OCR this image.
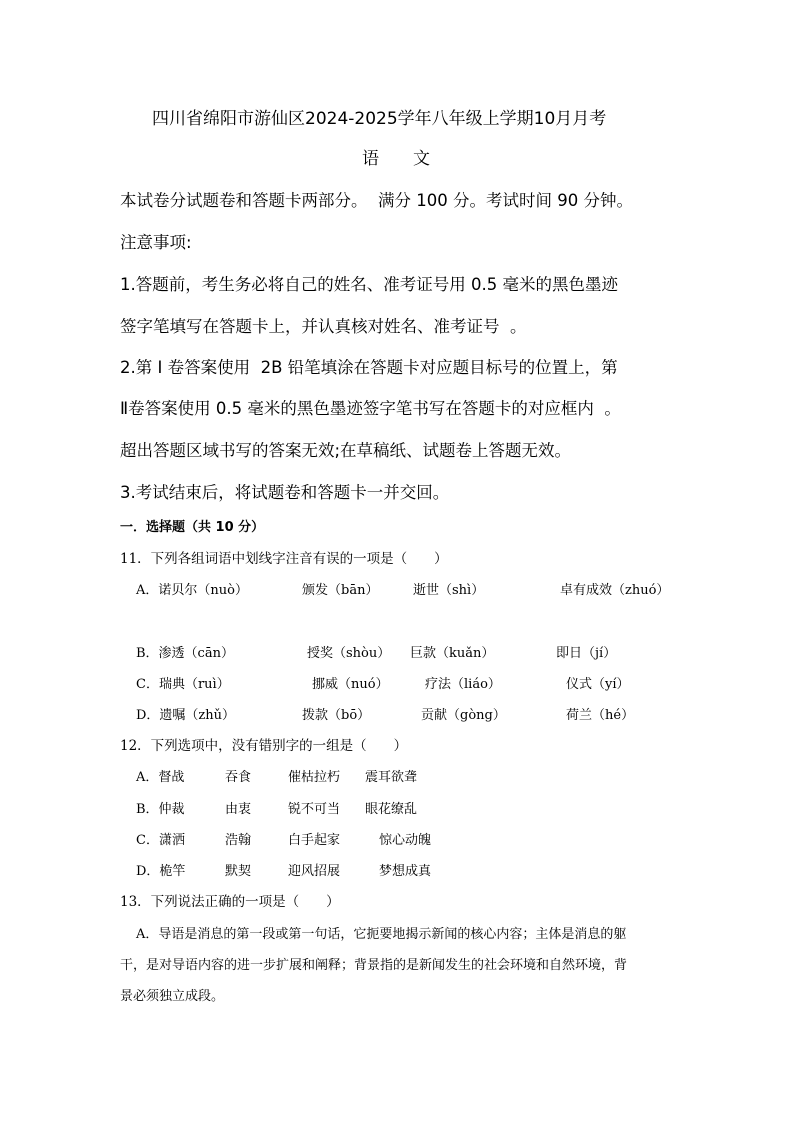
四川省绵阳市游仙区2024-2025学年八年级上学期10月月考
语　　文
本试卷分试题卷和答题卡两部分。  满分 100 分。考试时间 90 分钟。
注意事项:
1.答题前，考生务必将自己的姓名、准考证号用 0.5 毫米的黑色墨迹
签字笔填写在答题卡上，并认真核对姓名、准考证号  。
2.第 I 卷答案使用  2B 铅笔填涂在答题卡对应题目标号的位置上，第
Ⅱ卷答案使用 0.5 毫米的黑色墨迹签字笔书写在答题卡的对应框内  。
超出答题区域书写的答案无效;在草稿纸、试题卷上答题无效。
3.考试结束后，将试题卷和答题卡一并交回。
一．选择题（共 10 分）
11．下列各组词语中划线字注音有误的一项是（　　）
A．诺贝尔（nuò）	颁发（bān）	逝世（shì）	卓有成效（zhuó）
B．渗透（cān）	授奖（shòu） 巨款（kuǎn）	即日（jí）
C．瑞典（ruì）	挪威（nuó）	疗法（liáo）	仪式（yí）
D．遗嘱（zhǔ）	拨款（bō）	贡献（gòng）	荷兰（hé）
12．下列选项中，没有错别字的一组是（　　）
A．督战	吞食	催枯拉朽 震耳欲聋
B．仲裁	由衷	锐不可当 眼花缭乱
C．潇洒	浩翰	白手起家	惊心动魄
D．桅竿	默契	迎风招展	梦想成真
13．下列说法正确的一项是（　　）
A．导语是消息的第一段或第一句话，它扼要地揭示新闻的核心内容；主体是消息的躯
干，是对导语内容的进一步扩展和阐释；背景指的是新闻发生的社会环境和自然环境，背
景必须独立成段。
